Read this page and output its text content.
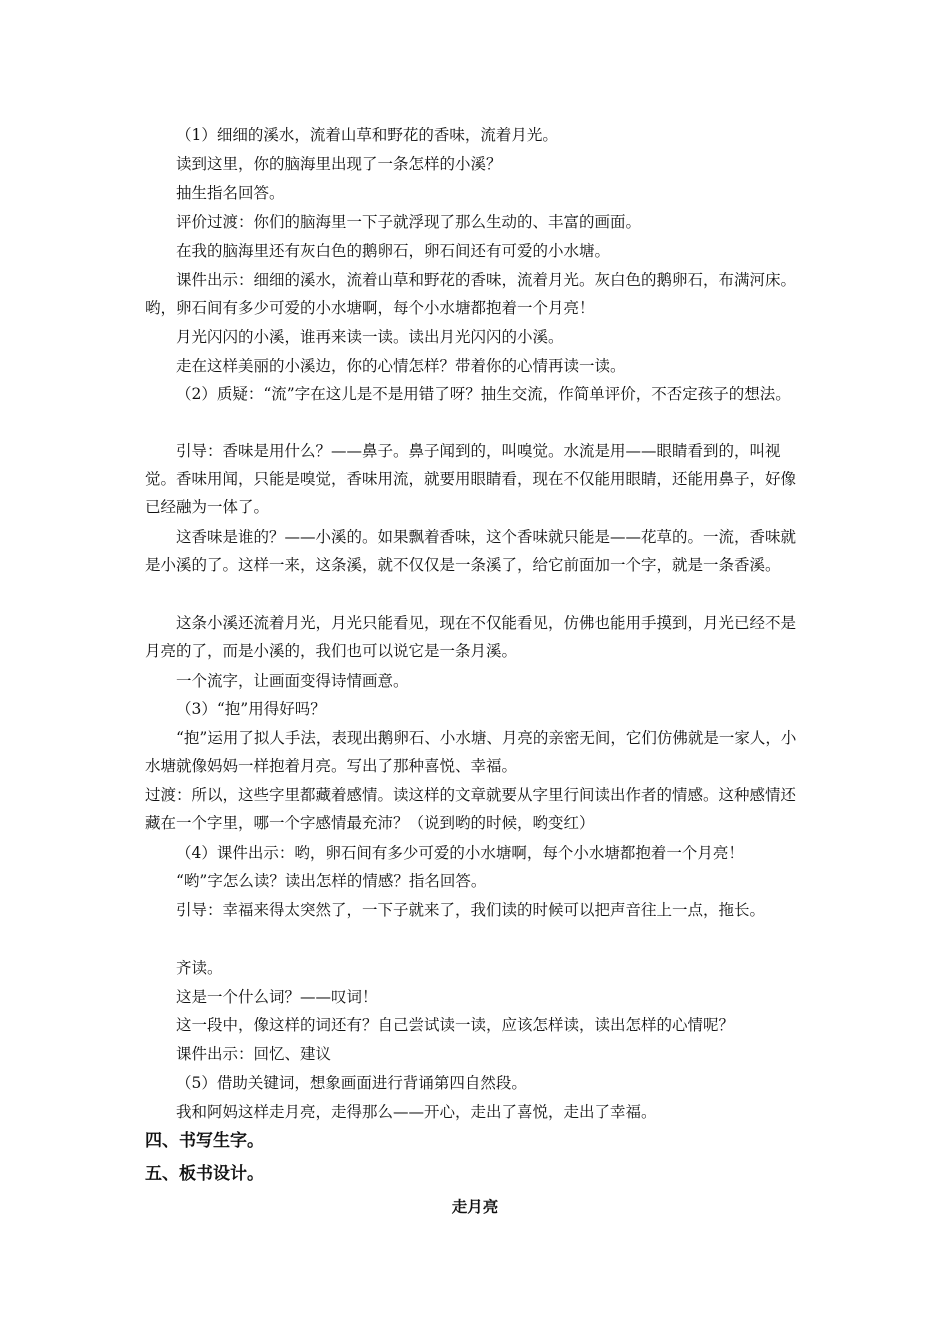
（1）细细的溪水，流着山草和野花的香味，流着月光。

读到这里，你的脑海里出现了一条怎样的小溪？

抽生指名回答。

评价过渡：你们的脑海里一下子就浮现了那么生动的、丰富的画面。

在我的脑海里还有灰白色的鹅卵石，卵石间还有可爱的小水塘。

课件出示：细细的溪水，流着山草和野花的香味，流着月光。灰白色的鹅卵石，布满河床。哟，卵石间有多少可爱的小水塘啊，每个小水塘都抱着一个月亮！

月光闪闪的小溪，谁再来读一读。读出月光闪闪的小溪。

走在这样美丽的小溪边，你的心情怎样？带着你的心情再读一读。

（2）质疑：“流”字在这儿是不是用错了呀？抽生交流，作简单评价，不否定孩子的想法。

引导：香味是用什么？——鼻子。鼻子闻到的，叫嗅觉。水流是用——眼睛看到的，叫视觉。香味用闻，只能是嗅觉，香味用流，就要用眼睛看，现在不仅能用眼睛，还能用鼻子，好像已经融为一体了。

这香味是谁的？——小溪的。如果飘着香味，这个香味就只能是——花草的。一流，香味就是小溪的了。这样一来，这条溪，就不仅仅是一条溪了，给它前面加一个字，就是一条香溪。

这条小溪还流着月光，月光只能看见，现在不仅能看见，仿佛也能用手摸到，月光已经不是月亮的了，而是小溪的，我们也可以说它是一条月溪。

一个流字，让画面变得诗情画意。

（3）“抱”用得好吗？

“抱”运用了拟人手法，表现出鹅卵石、小水塘、月亮的亲密无间，它们仿佛就是一家人，小水塘就像妈妈一样抱着月亮。写出了那种喜悦、幸福。

过渡：所以，这些字里都藏着感情。读这样的文章就要从字里行间读出作者的情感。这种感情还藏在一个字里，哪一个字感情最充沛？（说到哟的时候，哟变红）

（4）课件出示：哟，卵石间有多少可爱的小水塘啊，每个小水塘都抱着一个月亮！

“哟”字怎么读？读出怎样的情感？指名回答。

引导：幸福来得太突然了，一下子就来了，我们读的时候可以把声音往上一点，拖长。

齐读。

这是一个什么词？——叹词！

这一段中，像这样的词还有？自己尝试读一读，应该怎样读，读出怎样的心情呢？

课件出示：回忆、建议

（5）借助关键词，想象画面进行背诵第四自然段。

我和阿妈这样走月亮，走得那么——开心，走出了喜悦，走出了幸福。

四、书写生字。

五、板书设计。

走月亮
